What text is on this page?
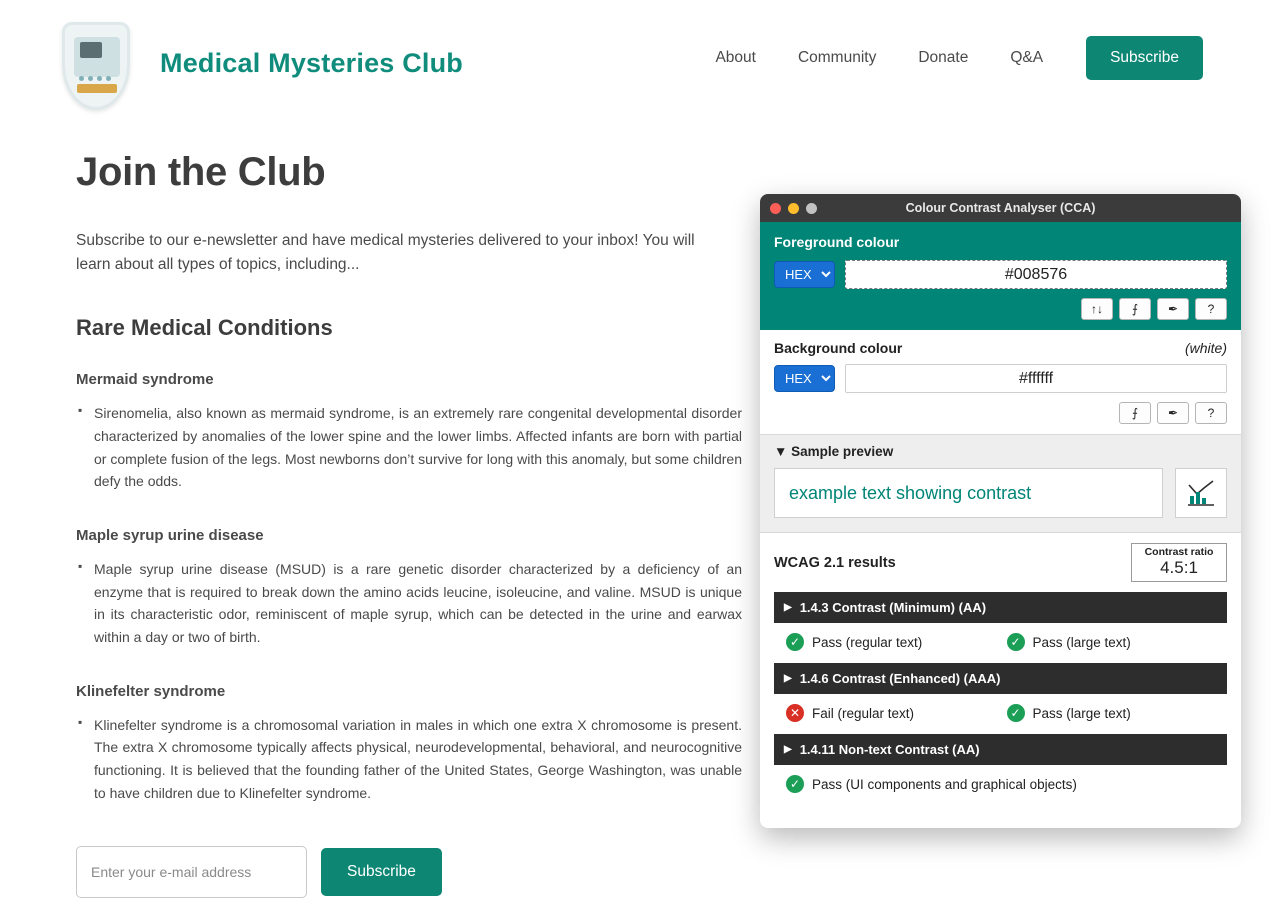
Medical Mysteries Club	About	Community	Donate	Q&A	Subscribe
Join the Club

Subscribe to our e-newsletter and have medical mysteries delivered to your inbox! You will learn about all types of topics, including...

Rare Medical Conditions
Mermaid syndrome
▪ Sirenomelia, also known as mermaid syndrome, is an extremely rare congenital developmental disorder characterized by anomalies of the lower spine and the lower limbs. Affected infants are born with partial or complete fusion of the legs. Most newborns don’t survive for long with this anomaly, but some children defy the odds.
Maple syrup urine disease
▪ Maple syrup urine disease (MSUD) is a rare genetic disorder characterized by a deficiency of an enzyme that is required to break down the amino acids leucine, isoleucine, and valine. MSUD is unique in its characteristic odor, reminiscent of maple syrup, which can be detected in the urine and earwax within a day or two of birth.
Klinefelter syndrome
▪ Klinefelter syndrome is a chromosomal variation in males in which one extra X chromosome is present. The extra X chromosome typically affects physical, neurodevelopmental, behavioral, and neurocognitive functioning. It is believed that the founding father of the United States, George Washington, was unable to have children due to Klinefelter syndrome.
Enter your e-mail address
Subscribe
Colour Contrast Analyser (CCA)
Foreground colour
HEX
#008576
↑↓	⨍	✒	?
Background colour	(white)
HEX
#ffffff
⨍	✒	?
▼ Sample preview
example text showing contrast
WCAG 2.1 results
Contrast ratio
4.5:1
▶ 1.4.3 Contrast (Minimum) (AA)
✓ Pass (regular text)	✓ Pass (large text)
▶ 1.4.6 Contrast (Enhanced) (AAA)
✕ Fail (regular text)	✓ Pass (large text)
▶ 1.4.11 Non-text Contrast (AA)
✓ Pass (UI components and graphical objects)
